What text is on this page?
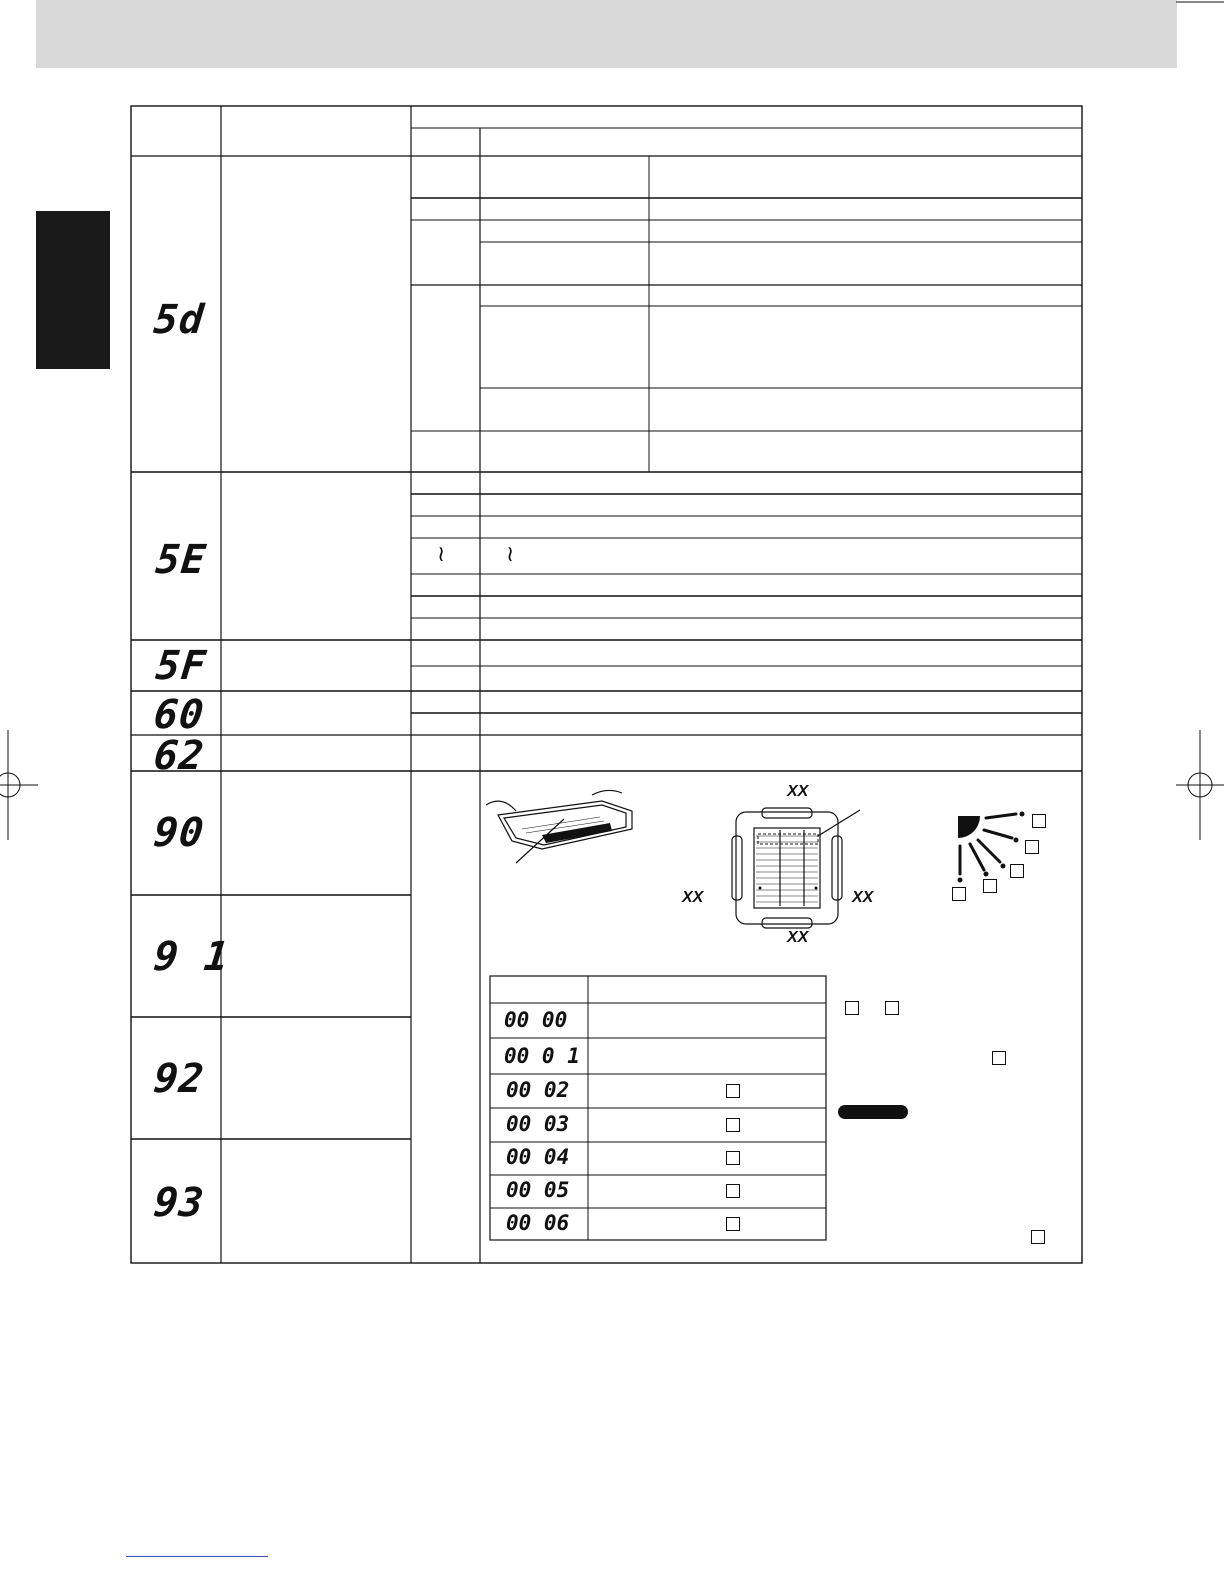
5d
5E
5F
60
62
90
9 1
92
93
≀	≀
XX
XX	XX
XX
00 00
00 0 1
00 02
00 03
00 04
00 05
00 06
